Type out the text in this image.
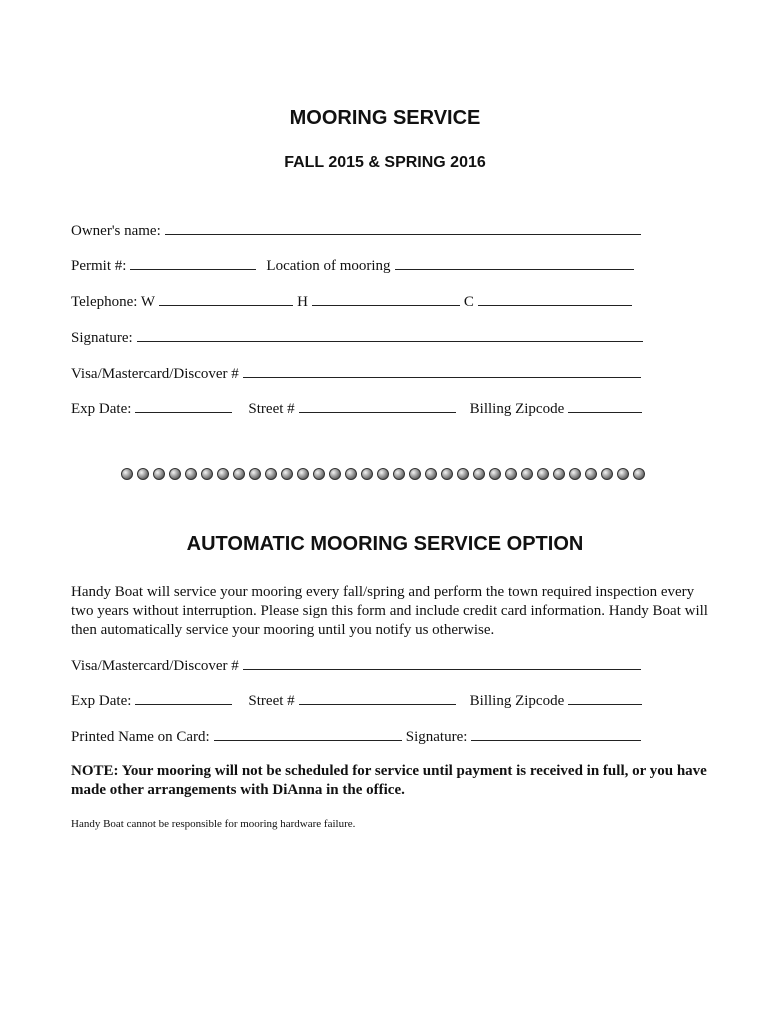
MOORING SERVICE
FALL 2015 & SPRING 2016
Owner's name:
Permit #:	Location of mooring
Telephone: W	H	C
Signature:
Visa/Mastercard/Discover #
Exp Date:	Street #	Billing Zipcode
AUTOMATIC MOORING SERVICE OPTION
Handy Boat will service your mooring every fall/spring and perform the town required inspection every two years without interruption. Please sign this form and include credit card information. Handy Boat will then automatically service your mooring until you notify us otherwise.
Visa/Mastercard/Discover #
Exp Date:	Street #	Billing Zipcode
Printed Name on Card:	Signature:
NOTE: Your mooring will not be scheduled for service until payment is received in full, or you have made other arrangements with DiAnna in the office.
Handy Boat cannot be responsible for mooring hardware failure.
